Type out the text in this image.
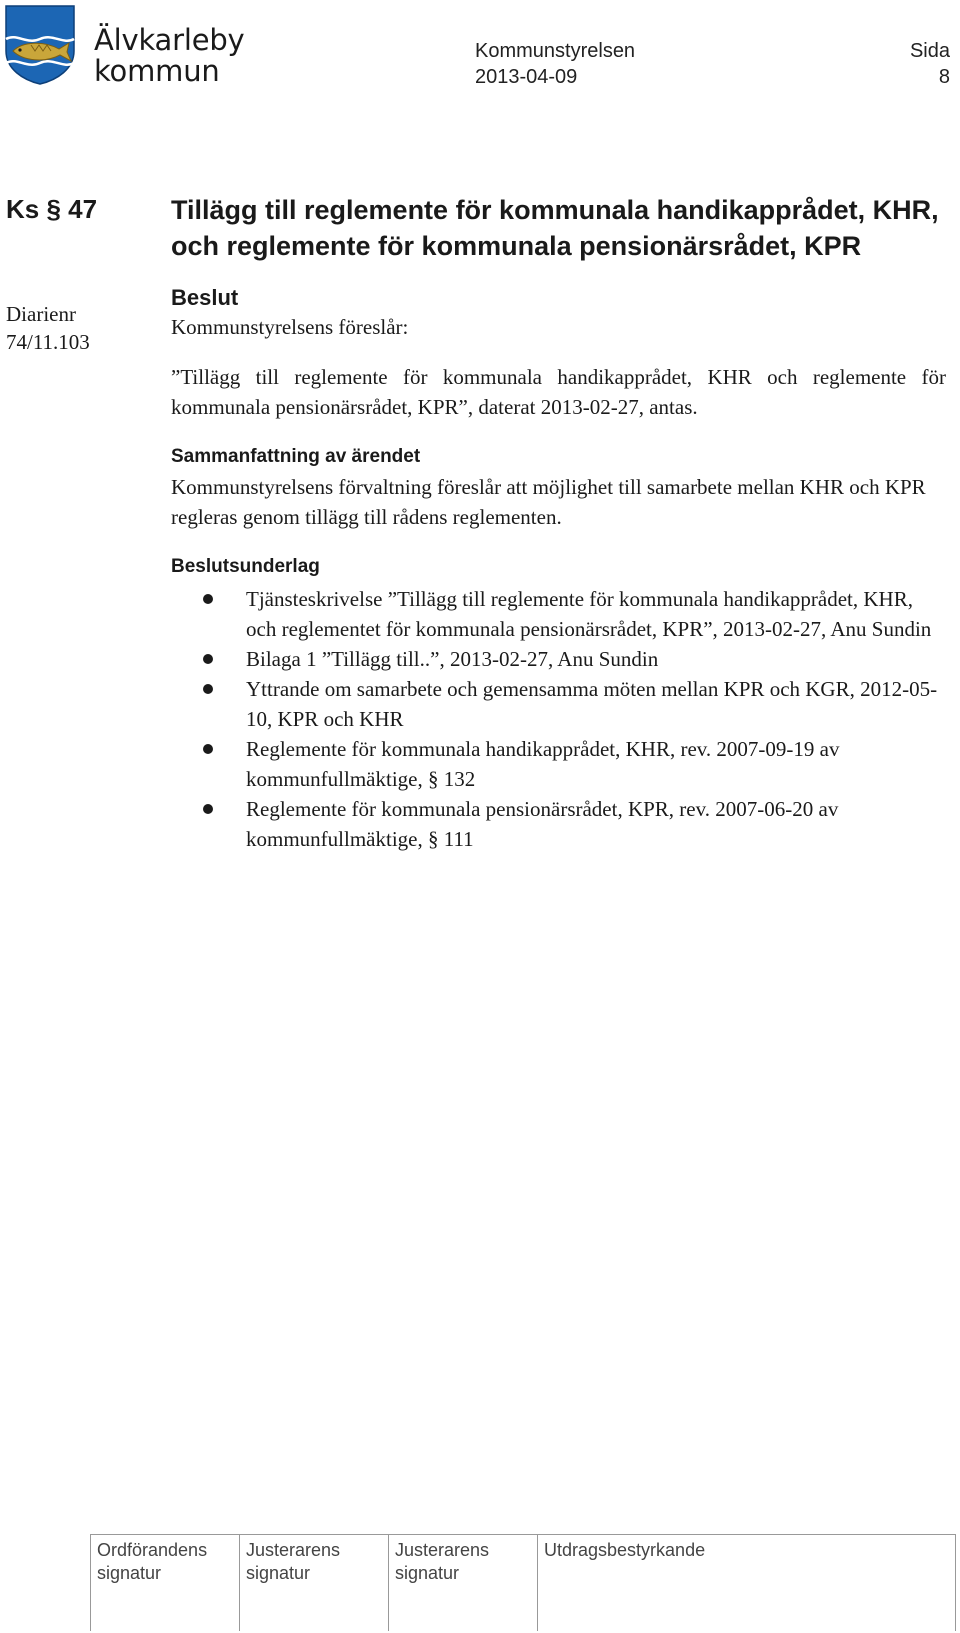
Älvkarleby
kommun
Kommunstyrelsen
2013-04-09
Sida
8
Ks § 47
Diarienr
74/11.103
Tillägg till reglemente för kommunala handikapprådet, KHR, och reglemente för kommunala pensionärsrådet, KPR
Beslut

Kommunstyrelsens föreslår:

”Tillägg till reglemente för kommunala handikapprådet, KHR och reglemente för kommunala pensionärsrådet, KPR”, daterat 2013-02-27, antas.

Sammanfattning av ärendet

Kommunstyrelsens förvaltning föreslår att möjlighet till samarbete mellan KHR och KPR regleras genom tillägg till rådens reglementen.

Beslutsunderlag
Tjänsteskrivelse ”Tillägg till reglemente för kommunala handikapprådet, KHR, och reglementet för kommunala pensionärsrådet, KPR”, 2013-02-27, Anu Sundin
Bilaga 1 ”Tillägg till..”, 2013-02-27, Anu Sundin
Yttrande om samarbete och gemensamma möten mellan KPR och KGR, 2012-05-10, KPR och KHR
Reglemente för kommunala handikapprådet, KHR, rev. 2007-09-19 av kommunfullmäktige, § 132
Reglemente för kommunala pensionärsrådet, KPR, rev. 2007-06-20 av kommunfullmäktige, § 111
Ordförandens
signatur
Justerarens
signatur
Justerarens
signatur
Utdragsbestyrkande
